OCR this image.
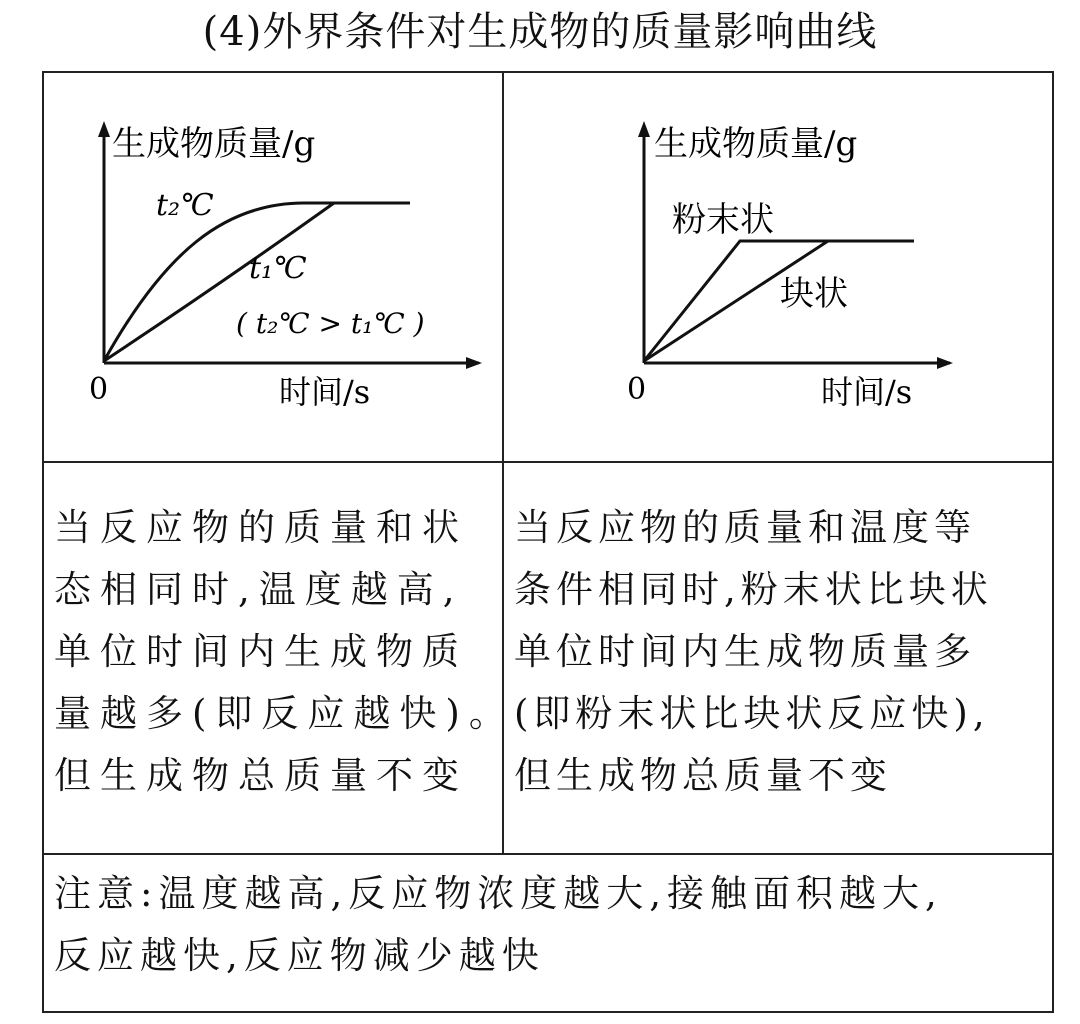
(4)外界条件对生成物的质量影响曲线
生成物质量/g
0	时间/s
t₂℃
t₁℃
( t₂℃ > t₁℃ )
生成物质量/g
0	时间/s
粉末状
块状
当反应物的质量和状
态相同时,温度越高,
单位时间内生成物质
量越多(即反应越快)。
但生成物总质量不变
当反应物的质量和温度等
条件相同时,粉末状比块状
单位时间内生成物质量多
(即粉末状比块状反应快),
但生成物总质量不变
注意:温度越高,反应物浓度越大,接触面积越大,
反应越快,反应物减少越快
